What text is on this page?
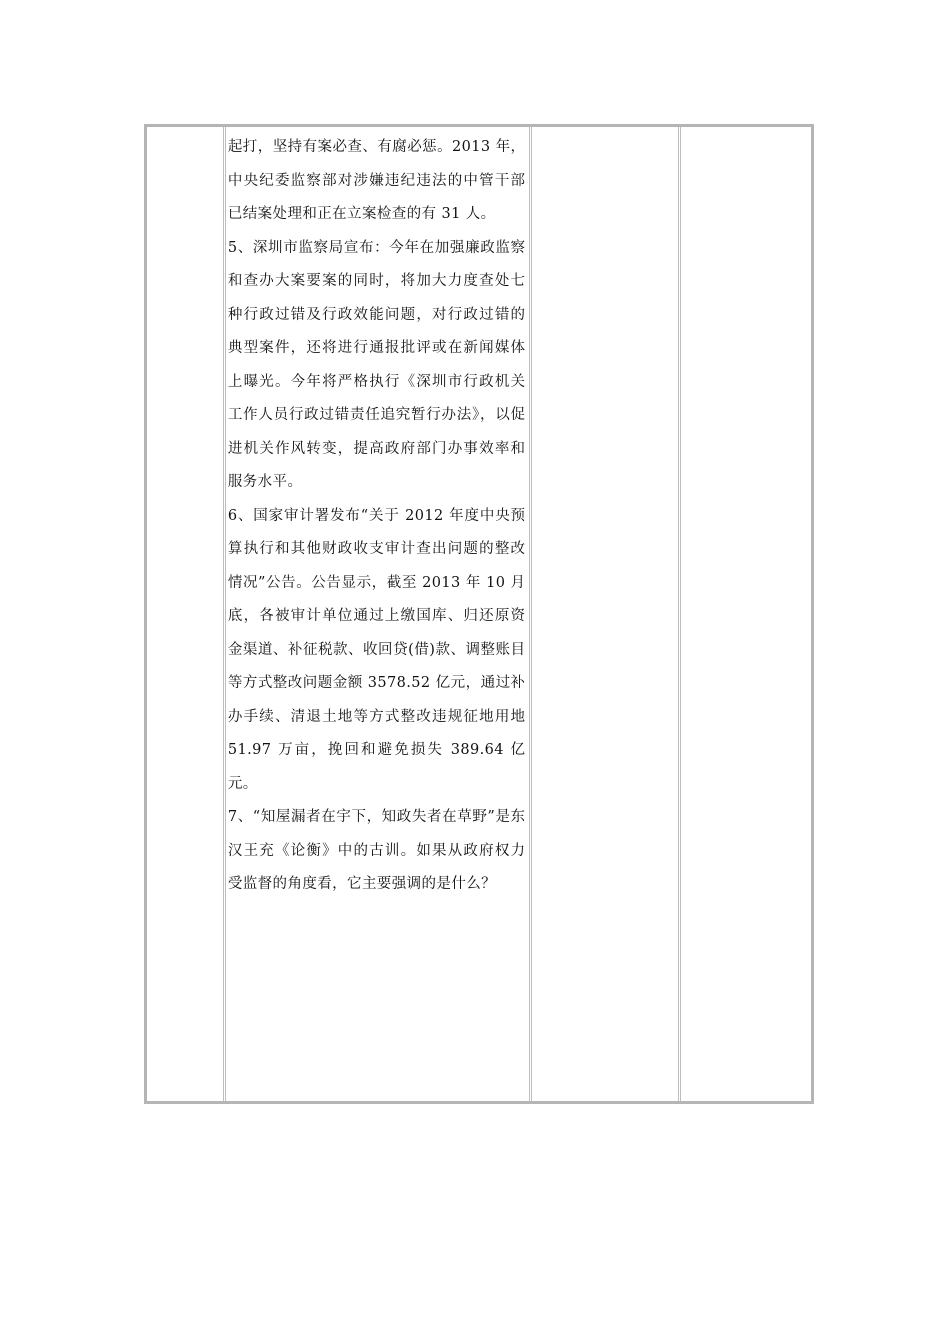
起打，坚持有案必查、有腐必惩。2013 年，中央纪委监察部对涉嫌违纪违法的中管干部已结案处理和正在立案检查的有 31 人。

5、深圳市监察局宣布：今年在加强廉政监察和查办大案要案的同时，将加大力度查处七种行政过错及行政效能问题，对行政过错的典型案件，还将进行通报批评或在新闻媒体上曝光。今年将严格执行《深圳市行政机关工作人员行政过错责任追究暂行办法》，以促进机关作风转变，提高政府部门办事效率和服务水平。

6、国家审计署发布“关于 2012 年度中央预算执行和其他财政收支审计查出问题的整改情况”公告。公告显示，截至 2013 年 10 月底，各被审计单位通过上缴国库、归还原资金渠道、补征税款、收回贷(借)款、调整账目等方式整改问题金额 3578.52 亿元，通过补办手续、清退土地等方式整改违规征地用地 51.97 万亩，挽回和避免损失 389.64 亿元。

7、“知屋漏者在宇下，知政失者在草野”是东汉王充《论衡》中的古训。如果从政府权力受监督的角度看，它主要强调的是什么？
